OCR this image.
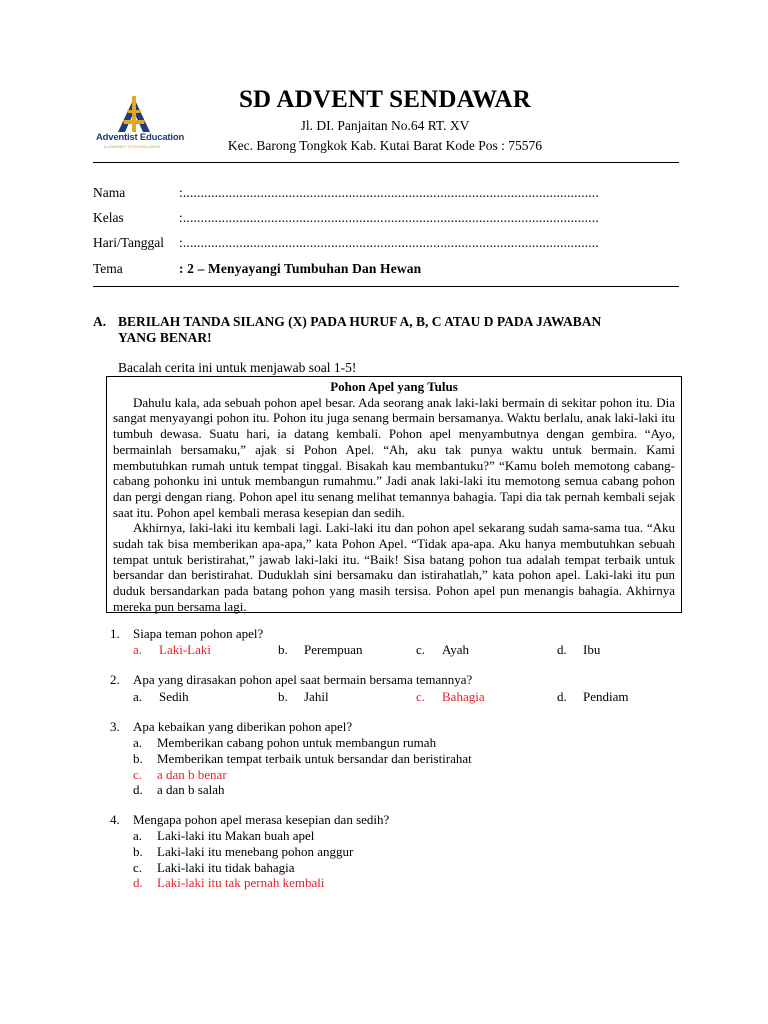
Adventist Education
A JOURNEY TO EXCELLENCE
SD ADVENT SENDAWAR
Jl. DI. Panjaitan No.64 RT. XV
Kec. Barong Tongkok Kab. Kutai Barat Kode Pos : 75576
Nama	:......................................................................................................................
Kelas	:......................................................................................................................
Hari/Tanggal	:......................................................................................................................
Tema	: 2 – Menyayangi Tumbuhan Dan Hewan
A. BERILAH TANDA SILANG (X) PADA HURUF A, B, C ATAU D PADA JAWABAN YANG BENAR!
Bacalah cerita ini untuk menjawab soal 1-5!
Pohon Apel yang Tulus

Dahulu kala, ada sebuah pohon apel besar. Ada seorang anak laki-laki bermain di sekitar pohon itu. Dia sangat menyayangi pohon itu. Pohon itu juga senang bermain bersamanya. Waktu berlalu, anak laki-laki itu tumbuh dewasa. Suatu hari, ia datang kembali. Pohon apel menyambutnya dengan gembira. “Ayo, bermainlah bersamaku,” ajak si Pohon Apel. “Ah, aku tak punya waktu untuk bermain. Kami membutuhkan rumah untuk tempat tinggal. Bisakah kau membantuku?” “Kamu boleh memotong cabang-cabang pohonku ini untuk membangun rumahmu.” Jadi anak laki-laki itu memotong semua cabang pohon dan pergi dengan riang. Pohon apel itu senang melihat temannya bahagia. Tapi dia tak pernah kembali sejak saat itu. Pohon apel kembali merasa kesepian dan sedih.

Akhirnya, laki-laki itu kembali lagi. Laki-laki itu dan pohon apel sekarang sudah sama-sama tua. “Aku sudah tak bisa memberikan apa-apa,” kata Pohon Apel. “Tidak apa-apa. Aku hanya membutuhkan sebuah tempat untuk beristirahat,” jawab laki-laki itu. “Baik! Sisa batang pohon tua adalah tempat terbaik untuk bersandar dan beristirahat. Duduklah sini bersamaku dan istirahatlah,” kata pohon apel. Laki-laki itu pun duduk bersandarkan pada batang pohon yang masih tersisa. Pohon apel pun menangis bahagia. Akhirnya mereka pun bersama lagi.

1.	Siapa teman pohon apel?
a. Laki-Laki	b. Perempuan	c. Ayah	d. Ibu
2.	Apa yang dirasakan pohon apel saat bermain bersama temannya?
a. Sedih	b. Jahil	c. Bahagia	d. Pendiam
3.	Apa kebaikan yang diberikan pohon apel?
a. Memberikan cabang pohon untuk membangun rumah
b. Memberikan tempat terbaik untuk bersandar dan beristirahat
c. a dan b benar
d. a dan b salah
4.	Mengapa pohon apel merasa kesepian dan sedih?
a. Laki-laki itu Makan buah apel
b. Laki-laki itu menebang pohon anggur
c. Laki-laki itu tidak bahagia
d. Laki-laki itu tak pernah kembali
